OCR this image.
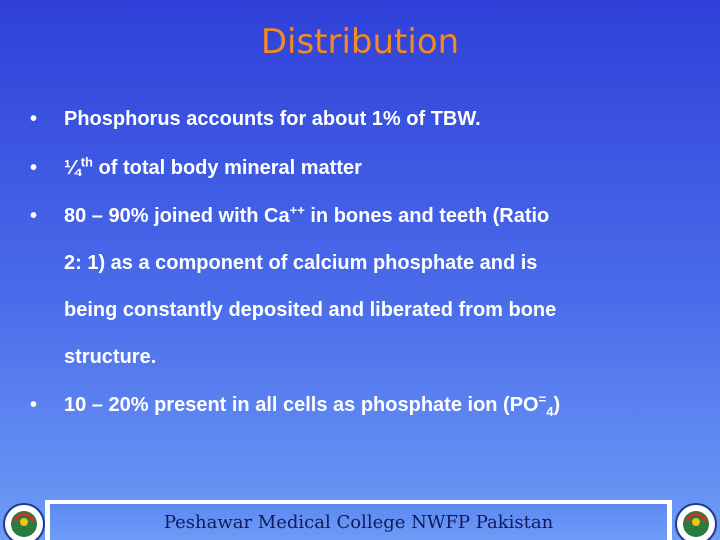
Distribution
• Phosphorus accounts for about 1% of TBW.
• ¼$^{th}$ of total body mineral matter
• 80 – 90% joined with Ca++ in bones and teeth (Ratio
2: 1) as a component of calcium phosphate and is
being constantly deposited and liberated from bone
structure.
• 10 – 20% present in all cells as phosphate ion $(PO^=_4)$
Peshawar Medical College NWFP Pakistan
